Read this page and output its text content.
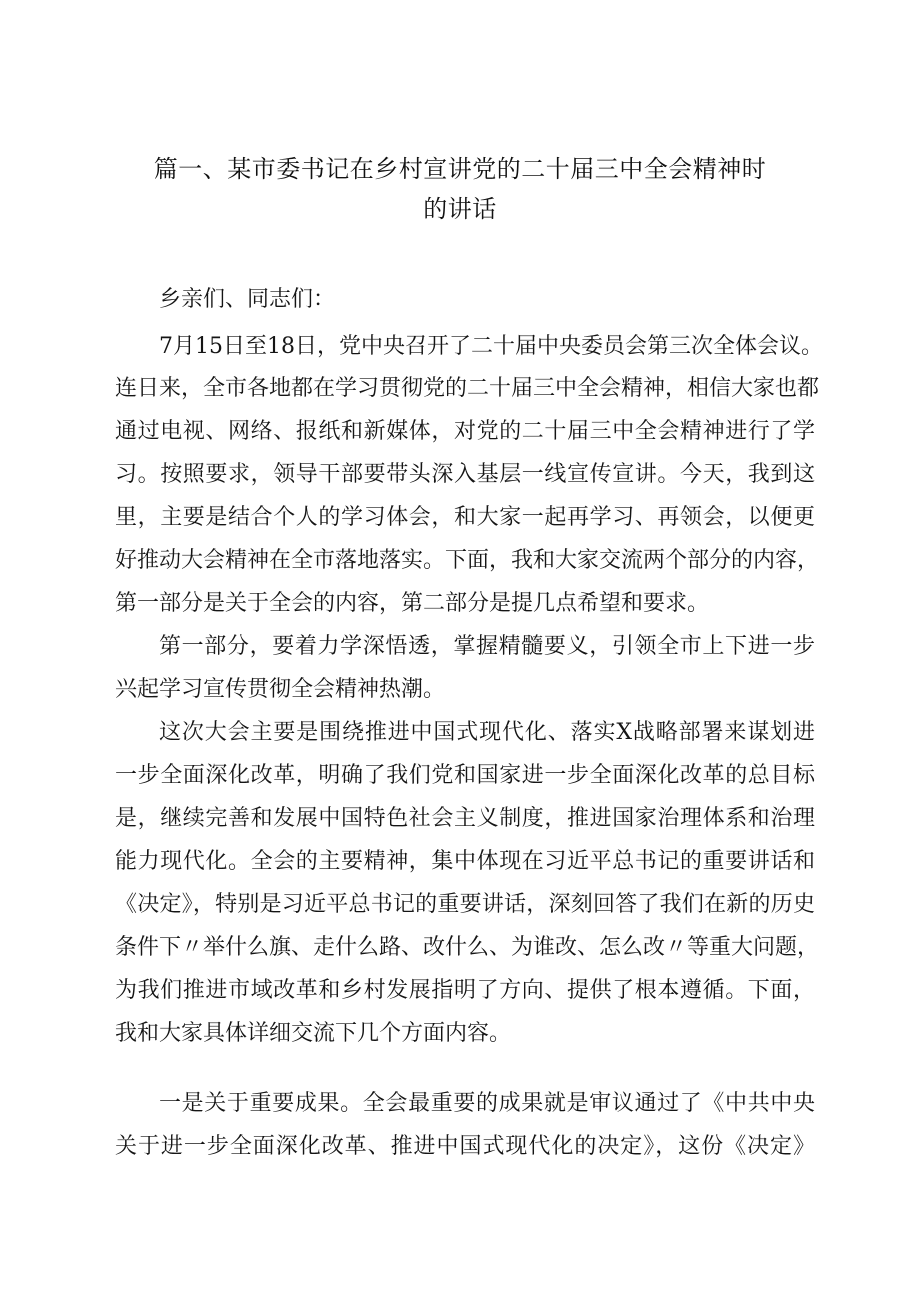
篇一、某市委书记在乡村宣讲党的二十届三中全会精神时
的讲话
乡亲们、同志们：
7月15日至18日，党中央召开了二十届中央委员会第三次全体会议。
连日来，全市各地都在学习贯彻党的二十届三中全会精神，相信大家也都
通过电视、网络、报纸和新媒体，对党的二十届三中全会精神进行了学
习。按照要求，领导干部要带头深入基层一线宣传宣讲。今天，我到这
里，主要是结合个人的学习体会，和大家一起再学习、再领会，以便更
好推动大会精神在全市落地落实。下面，我和大家交流两个部分的内容，
第一部分是关于全会的内容，第二部分是提几点希望和要求。
第一部分，要着力学深悟透，掌握精髓要义，引领全市上下进一步
兴起学习宣传贯彻全会精神热潮。
这次大会主要是围绕推进中国式现代化、落实X战略部署来谋划进
一步全面深化改革，明确了我们党和国家进一步全面深化改革的总目标
是，继续完善和发展中国特色社会主义制度，推进国家治理体系和治理
能力现代化。全会的主要精神，集中体现在习近平总书记的重要讲话和
《决定》，特别是习近平总书记的重要讲话，深刻回答了我们在新的历史
条件下〃举什么旗、走什么路、改什么、为谁改、怎么改〃等重大问题，
为我们推进市域改革和乡村发展指明了方向、提供了根本遵循。下面，
我和大家具体详细交流下几个方面内容。
一是关于重要成果。全会最重要的成果就是审议通过了《中共中央
关于进一步全面深化改革、推进中国式现代化的决定》，这份《决定》
